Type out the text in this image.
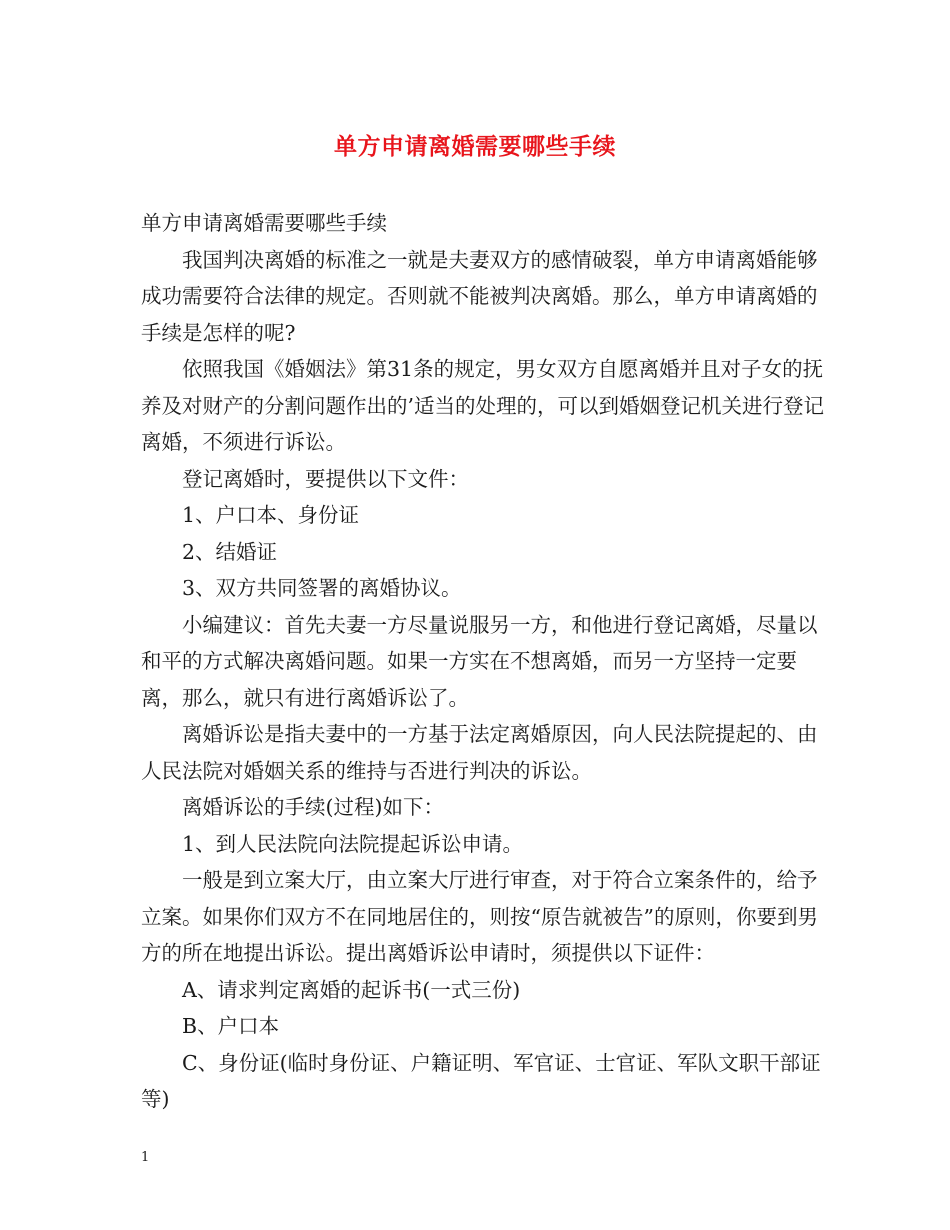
单方申请离婚需要哪些手续

单方申请离婚需要哪些手续

我国判决离婚的标准之一就是夫妻双方的感情破裂，单方申请离婚能够成功需要符合法律的规定。否则就不能被判决离婚。那么，单方申请离婚的手续是怎样的呢?

依照我国《婚姻法》第31条的规定，男女双方自愿离婚并且对子女的抚养及对财产的分割问题作出的’适当的处理的，可以到婚姻登记机关进行登记离婚，不须进行诉讼。

登记离婚时，要提供以下文件：

1、户口本、身份证

2、结婚证

3、双方共同签署的离婚协议。

小编建议：首先夫妻一方尽量说服另一方，和他进行登记离婚，尽量以和平的方式解决离婚问题。如果一方实在不想离婚，而另一方坚持一定要离，那么，就只有进行离婚诉讼了。

离婚诉讼是指夫妻中的一方基于法定离婚原因，向人民法院提起的、由人民法院对婚姻关系的维持与否进行判决的诉讼。

离婚诉讼的手续(过程)如下：

1、到人民法院向法院提起诉讼申请。

一般是到立案大厅，由立案大厅进行审查，对于符合立案条件的，给予立案。如果你们双方不在同地居住的，则按“原告就被告”的原则，你要到男方的所在地提出诉讼。提出离婚诉讼申请时，须提供以下证件：

A、请求判定离婚的起诉书(一式三份)

B、户口本

C、身份证(临时身份证、户籍证明、军官证、士官证、军队文职干部证等)

1
